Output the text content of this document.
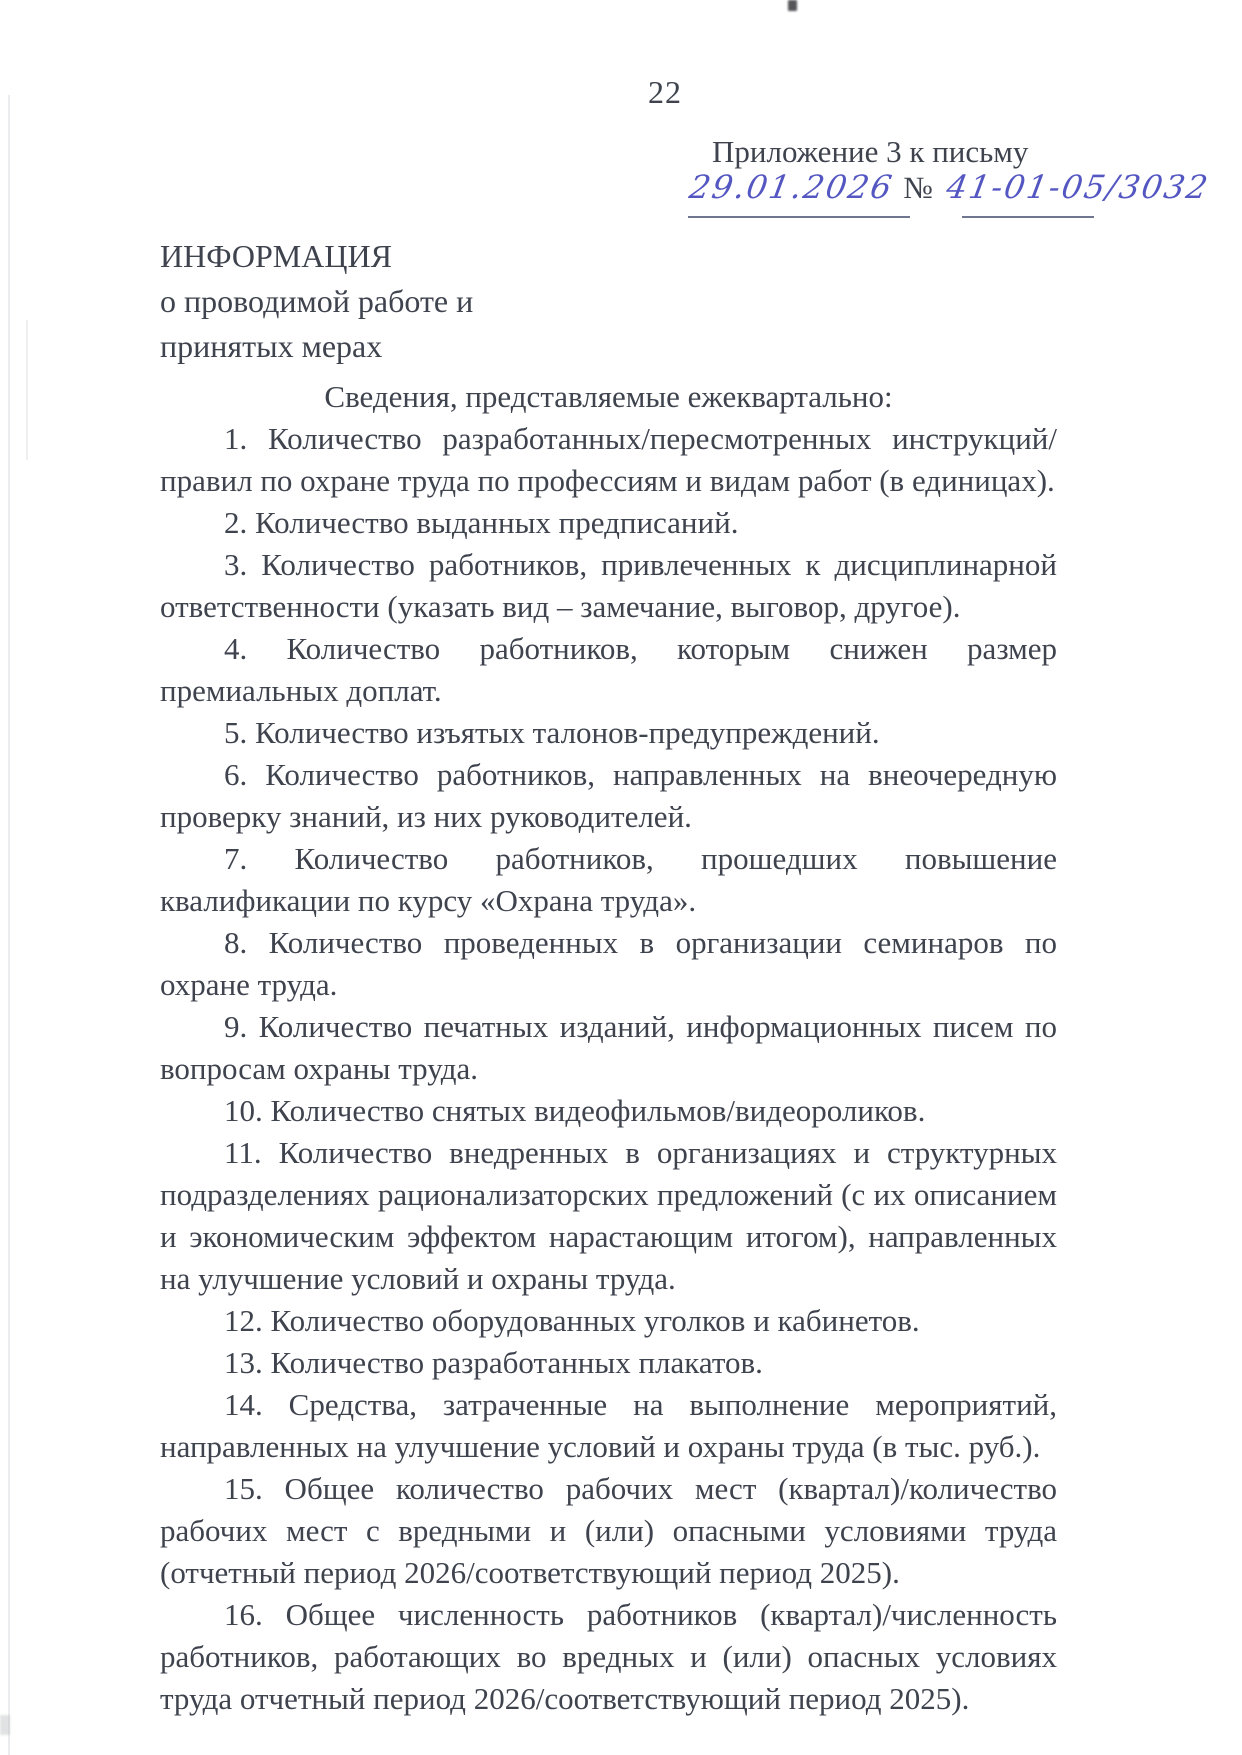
22
Приложение 3 к письму
29.01.2026 № 41-01-05/3032
ИНФОРМАЦИЯ
о проводимой работе и
принятых мерах

Сведения, представляемые ежеквартально:

1. Количество разработанных/пересмотренных инструкций/правил по охране труда по профессиям и видам работ (в единицах).

2. Количество выданных предписаний.

3. Количество работников, привлеченных к дисциплинарной ответственности (указать вид – замечание, выговор, другое).

4. Количество работников, которым снижен размер премиальных доплат.

5. Количество изъятых талонов-предупреждений.

6. Количество работников, направленных на внеочередную проверку знаний, из них руководителей.

7. Количество работников, прошедших повышение квалификации по курсу «Охрана труда».

8. Количество проведенных в организации семинаров по охране труда.

9. Количество печатных изданий, информационных писем по вопросам охраны труда.

10. Количество снятых видеофильмов/видеороликов.

11. Количество внедренных в организациях и структурных подразделениях рационализаторских предложений (с их описанием и экономическим эффектом нарастающим итогом), направленных на улучшение условий и охраны труда.

12. Количество оборудованных уголков и кабинетов.

13. Количество разработанных плакатов.

14. Средства, затраченные на выполнение мероприятий, направленных на улучшение условий и охраны труда (в тыс. руб.).

15. Общее количество рабочих мест (квартал)/количество рабочих мест с вредными и (или) опасными условиями труда (отчетный период 2026/соответствующий период 2025).

16. Общее численность работников (квартал)/численность работников, работающих во вредных и (или) опасных условиях труда отчетный период 2026/соответствующий период 2025).
